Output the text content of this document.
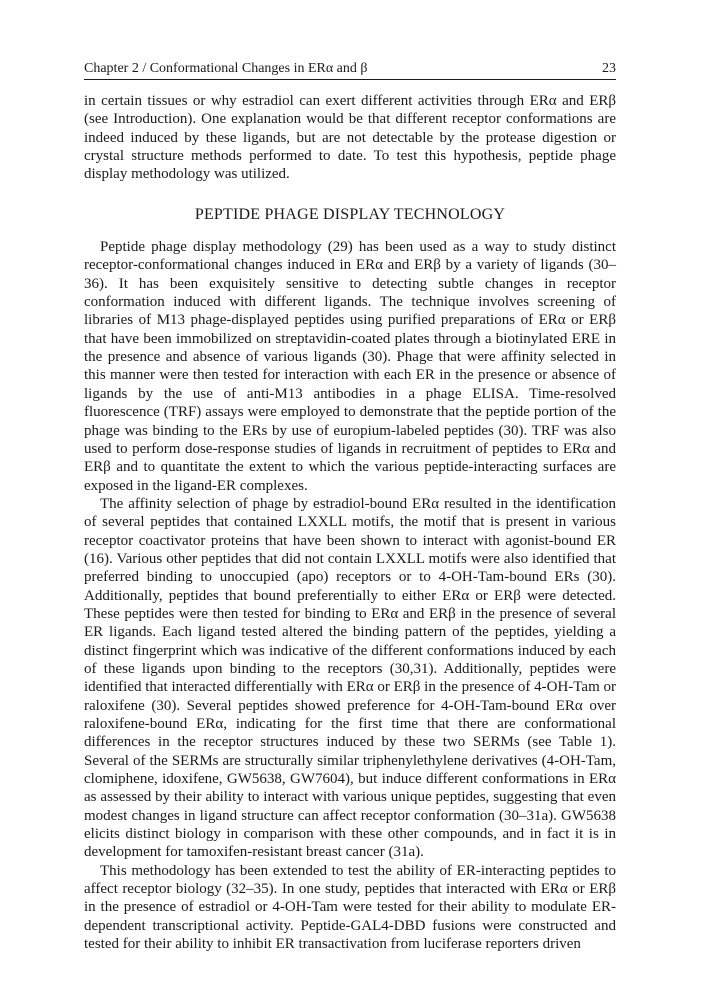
Chapter 2 / Conformational Changes in ERα and β	23

in certain tissues or why estradiol can exert different activities through ERα and ERβ (see Introduction). One explanation would be that different receptor conformations are indeed induced by these ligands, but are not detectable by the protease digestion or crystal structure methods performed to date. To test this hypothesis, peptide phage display methodology was utilized.

PEPTIDE PHAGE DISPLAY TECHNOLOGY

Peptide phage display methodology (29) has been used as a way to study distinct receptor-conformational changes induced in ERα and ERβ by a variety of ligands (30–36). It has been exquisitely sensitive to detecting subtle changes in receptor conformation induced with different ligands. The technique involves screening of libraries of M13 phage-displayed peptides using purified preparations of ERα or ERβ that have been immobilized on streptavidin-coated plates through a biotinylated ERE in the presence and absence of various ligands (30). Phage that were affinity selected in this manner were then tested for interaction with each ER in the presence or absence of ligands by the use of anti-M13 antibodies in a phage ELISA. Time-resolved fluorescence (TRF) assays were employed to demonstrate that the peptide portion of the phage was binding to the ERs by use of europium-labeled peptides (30). TRF was also used to perform dose-response studies of ligands in recruitment of peptides to ERα and ERβ and to quantitate the extent to which the various peptide-interacting surfaces are exposed in the ligand-ER complexes.

The affinity selection of phage by estradiol-bound ERα resulted in the identification of several peptides that contained LXXLL motifs, the motif that is present in various receptor coactivator proteins that have been shown to interact with agonist-bound ER (16). Various other peptides that did not contain LXXLL motifs were also identified that preferred binding to unoccupied (apo) receptors or to 4-OH-Tam-bound ERs (30). Additionally, peptides that bound preferentially to either ERα or ERβ were detected. These peptides were then tested for binding to ERα and ERβ in the presence of several ER ligands. Each ligand tested altered the binding pattern of the peptides, yielding a distinct fingerprint which was indicative of the different conformations induced by each of these ligands upon binding to the receptors (30,31). Additionally, peptides were identified that interacted differentially with ERα or ERβ in the presence of 4-OH-Tam or raloxifene (30). Several peptides showed preference for 4-OH-Tam-bound ERα over raloxifene-bound ERα, indicating for the first time that there are conformational differences in the receptor structures induced by these two SERMs (see Table 1). Several of the SERMs are structurally similar triphenylethylene derivatives (4-OH-Tam, clomiphene, idoxifene, GW5638, GW7604), but induce different conformations in ERα as assessed by their ability to interact with various unique peptides, suggesting that even modest changes in ligand structure can affect receptor conformation (30–31a). GW5638 elicits distinct biology in comparison with these other compounds, and in fact it is in development for tamoxifen-resistant breast cancer (31a).

This methodology has been extended to test the ability of ER-interacting peptides to affect receptor biology (32–35). In one study, peptides that interacted with ERα or ERβ in the presence of estradiol or 4-OH-Tam were tested for their ability to modulate ER-dependent transcriptional activity. Peptide-GAL4-DBD fusions were constructed and tested for their ability to inhibit ER transactivation from luciferase reporters driven
